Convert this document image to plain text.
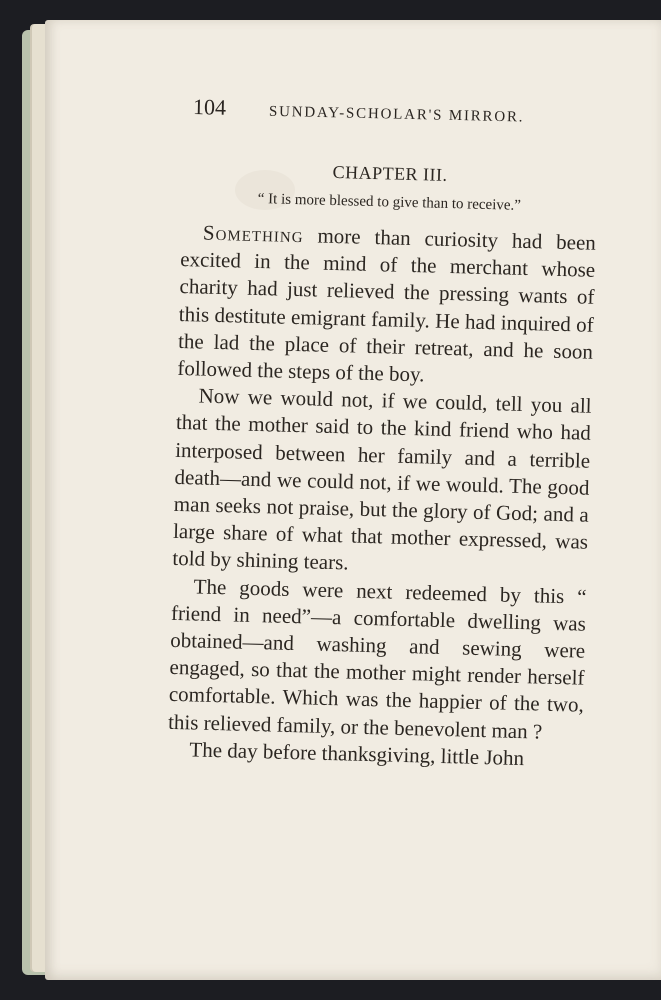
104	SUNDAY-SCHOLAR'S MIRROR.

CHAPTER III.

“ It is more blessed to give than to receive.”

Something more than curiosity had been excited in the mind of the merchant whose charity had just relieved the pressing wants of this destitute emigrant family. He had inquired of the lad the place of their retreat, and he soon followed the steps of the boy.

Now we would not, if we could, tell you all that the mother said to the kind friend who had interposed between her family and a terrible death—and we could not, if we would. The good man seeks not praise, but the glory of God; and a large share of what that mother expressed, was told by shining tears.

The goods were next redeemed by this “ friend in need”—a comfortable dwelling was obtained—and washing and sewing were engaged, so that the mother might render herself comfortable. Which was the happier of the two, this relieved family, or the benevolent man ?

The day before thanksgiving, little John
